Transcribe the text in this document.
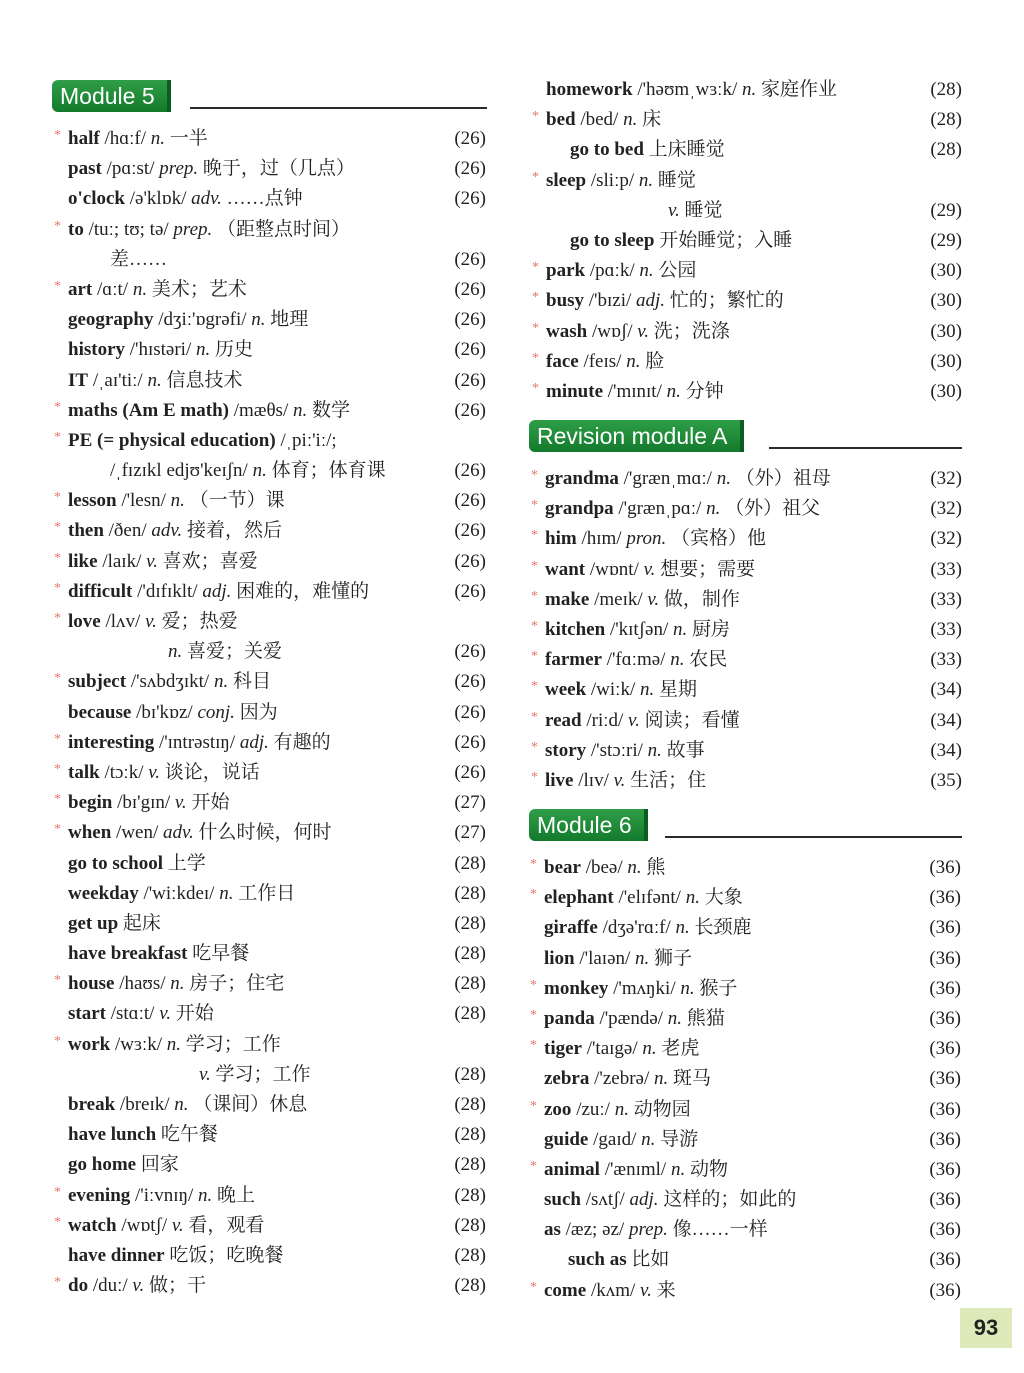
Module 5
* half /hɑːf/ n. 一半	(26)
past /pɑːst/ prep. 晚于，过（几点）	(26)
o'clock /ə'klɒk/ adv. ……点钟	(26)
* to /tuː; tʊ; tə/ prep. （距整点时间）
差……	(26)
* art /ɑːt/ n. 美术；艺术	(26)
geography /dʒiː'ɒgrəfi/ n. 地理	(26)
history /'hɪstəri/ n. 历史	(26)
IT /ˌaɪ'tiː/ n. 信息技术	(26)
* maths (Am E math) /mæθs/ n. 数学	(26)
* PE (= physical education) /ˌpiː'iː/;
/ˌfɪzɪkl edjʊ'keɪʃn/ n. 体育；体育课	(26)
* lesson /'lesn/ n. （一节）课	(26)
* then /ðen/ adv. 接着，然后	(26)
* like /laɪk/ v. 喜欢；喜爱	(26)
* difficult /'dɪfɪklt/ adj. 困难的，难懂的	(26)
* love /lʌv/ v. 爱；热爱
n. 喜爱；关爱	(26)
* subject /'sʌbdʒɪkt/ n. 科目	(26)
because /bɪ'kɒz/ conj. 因为	(26)
* interesting /'ɪntrəstɪŋ/ adj. 有趣的	(26)
* talk /tɔːk/ v. 谈论，说话	(26)
* begin /bɪ'gɪn/ v. 开始	(27)
* when /wen/ adv. 什么时候，何时	(27)
go to school 上学	(28)
weekday /'wiːkdeɪ/ n. 工作日	(28)
get up 起床	(28)
have breakfast 吃早餐	(28)
* house /haʊs/ n. 房子；住宅	(28)
start /stɑːt/ v. 开始	(28)
* work /wɜːk/ n. 学习；工作
v. 学习；工作	(28)
break /breɪk/ n. （课间）休息	(28)
have lunch 吃午餐	(28)
go home 回家	(28)
* evening /'iːvnɪŋ/ n. 晚上	(28)
* watch /wɒtʃ/ v. 看，观看	(28)
have dinner 吃饭；吃晚餐	(28)
* do /duː/ v. 做；干	(28)
homework /'həʊmˌwɜːk/ n. 家庭作业	(28)
* bed /bed/ n. 床	(28)
go to bed 上床睡觉	(28)
* sleep /sliːp/ n. 睡觉
v. 睡觉	(29)
go to sleep 开始睡觉；入睡	(29)
* park /pɑːk/ n. 公园	(30)
* busy /'bɪzi/ adj. 忙的；繁忙的	(30)
* wash /wɒʃ/ v. 洗；洗涤	(30)
* face /feɪs/ n. 脸	(30)
* minute /'mɪnɪt/ n. 分钟	(30)
Revision module A
* grandma /'grænˌmɑː/ n. （外）祖母	(32)
* grandpa /'grænˌpɑː/ n. （外）祖父	(32)
* him /hɪm/ pron. （宾格）他	(32)
* want /wɒnt/ v. 想要；需要	(33)
* make /meɪk/ v. 做，制作	(33)
* kitchen /'kɪtʃən/ n. 厨房	(33)
* farmer /'fɑːmə/ n. 农民	(33)
* week /wiːk/ n. 星期	(34)
* read /riːd/ v. 阅读；看懂	(34)
* story /'stɔːri/ n. 故事	(34)
* live /lɪv/ v. 生活；住	(35)
Module 6
* bear /beə/ n. 熊	(36)
* elephant /'elɪfənt/ n. 大象	(36)
giraffe /dʒə'rɑːf/ n. 长颈鹿	(36)
lion /'laɪən/ n. 狮子	(36)
* monkey /'mʌŋki/ n. 猴子	(36)
* panda /'pændə/ n. 熊猫	(36)
* tiger /'taɪgə/ n. 老虎	(36)
zebra /'zebrə/ n. 斑马	(36)
* zoo /zuː/ n. 动物园	(36)
guide /gaɪd/ n. 导游	(36)
* animal /'ænɪml/ n. 动物	(36)
such /sʌtʃ/ adj. 这样的；如此的	(36)
as /æz; əz/ prep. 像……一样	(36)
such as 比如	(36)
* come /kʌm/ v. 来	(36)
93
